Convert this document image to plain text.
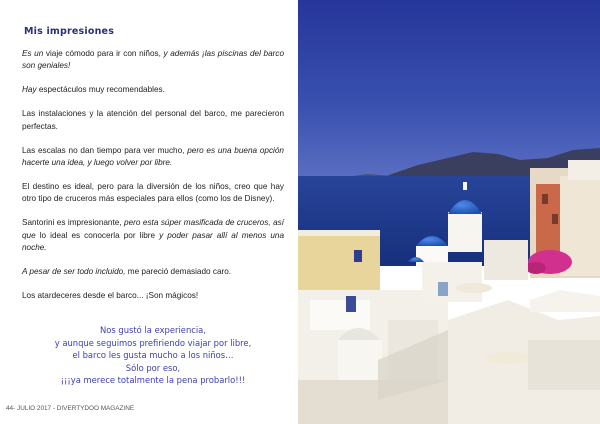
Mis impresiones

Es un viaje cómodo para ir con niños, y además ¡las piscinas del barco son geniales!

Hay espectáculos muy recomendables.

Las instalaciones y la atención del personal del barco, me parecieron perfectas.

Las escalas no dan tiempo para ver mucho, pero es una buena opción hacerte una idea, y luego volver por libre.

El destino es ideal, pero para la diversión de los niños, creo que hay otro tipo de cruceros más especiales para ellos (como los de Disney).

Santorini es impresionante, pero esta súper masificada de cruceros, así que lo ideal es conocerla por libre y poder pasar allí al menos una noche.

A pesar de ser todo incluido, me pareció demasiado caro.

Los atardeceres desde el barco... ¡Son mágicos!

Nos gustó la experiencia,
y aunque seguimos prefiriendo viajar por libre,
el barco les gusta mucho a los niños…
Sólo por eso,
¡¡¡ya merece totalmente la pena probarlo!!!
44- JULIO 2017 - DIVERTYDOO MAGAZINE
